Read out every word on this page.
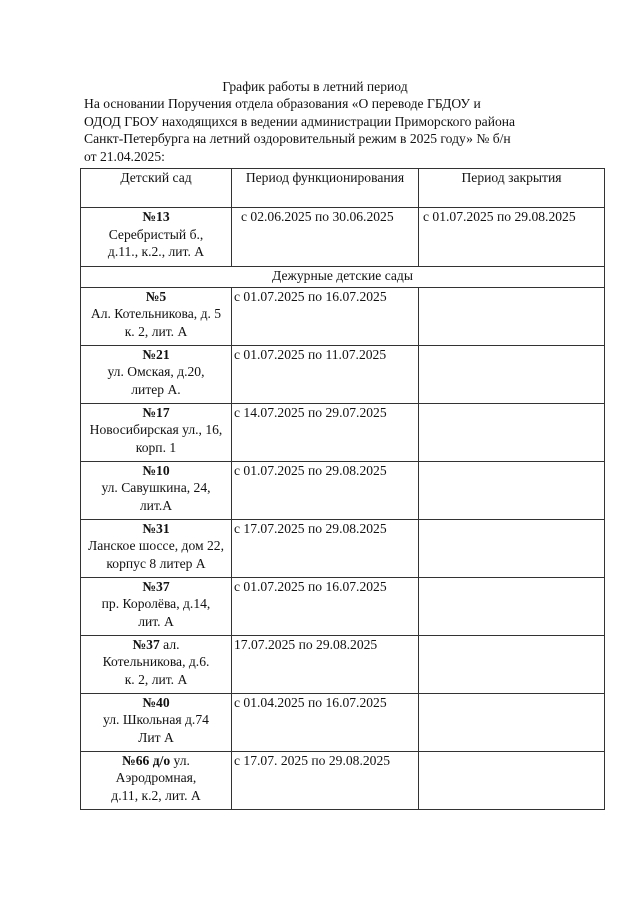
График работы в летний период
На основании Поручения отдела образования «О переводе ГБДОУ и
ОДОД ГБОУ находящихся в ведении администрации Приморского района
Санкт-Петербурга на летний оздоровительный режим в 2025 году» № б/н
от 21.04.2025:
Детский сад	Период функционирования	Период закрытия
№13
Серебристый б.,
д.11., к.2., лит. А	с 02.06.2025 по 30.06.2025	с 01.07.2025 по 29.08.2025
Дежурные детские сады		
№5
Ал. Котельникова, д. 5
к. 2, лит. А	с 01.07.2025 по 16.07.2025	
№21
ул. Омская, д.20,
литер А.	с 01.07.2025 по 11.07.2025	
№17
Новосибирская ул., 16,
корп. 1	с 14.07.2025 по 29.07.2025	
№10
ул. Савушкина, 24,
лит.А	с 01.07.2025 по 29.08.2025	
№31
Ланское шоссе, дом 22,
корпус 8 литер А	с 17.07.2025 по 29.08.2025	
№37
пр. Королёва, д.14,
лит. А	с 01.07.2025 по 16.07.2025	
№37 ал.
Котельникова, д.6.
к. 2, лит. А	17.07.2025 по 29.08.2025	
№40
ул. Школьная д.74
Лит А	с 01.04.2025 по 16.07.2025	
№66 д/о ул.
Аэродромная,
д.11, к.2, лит. А	с 17.07. 2025 по 29.08.2025	
